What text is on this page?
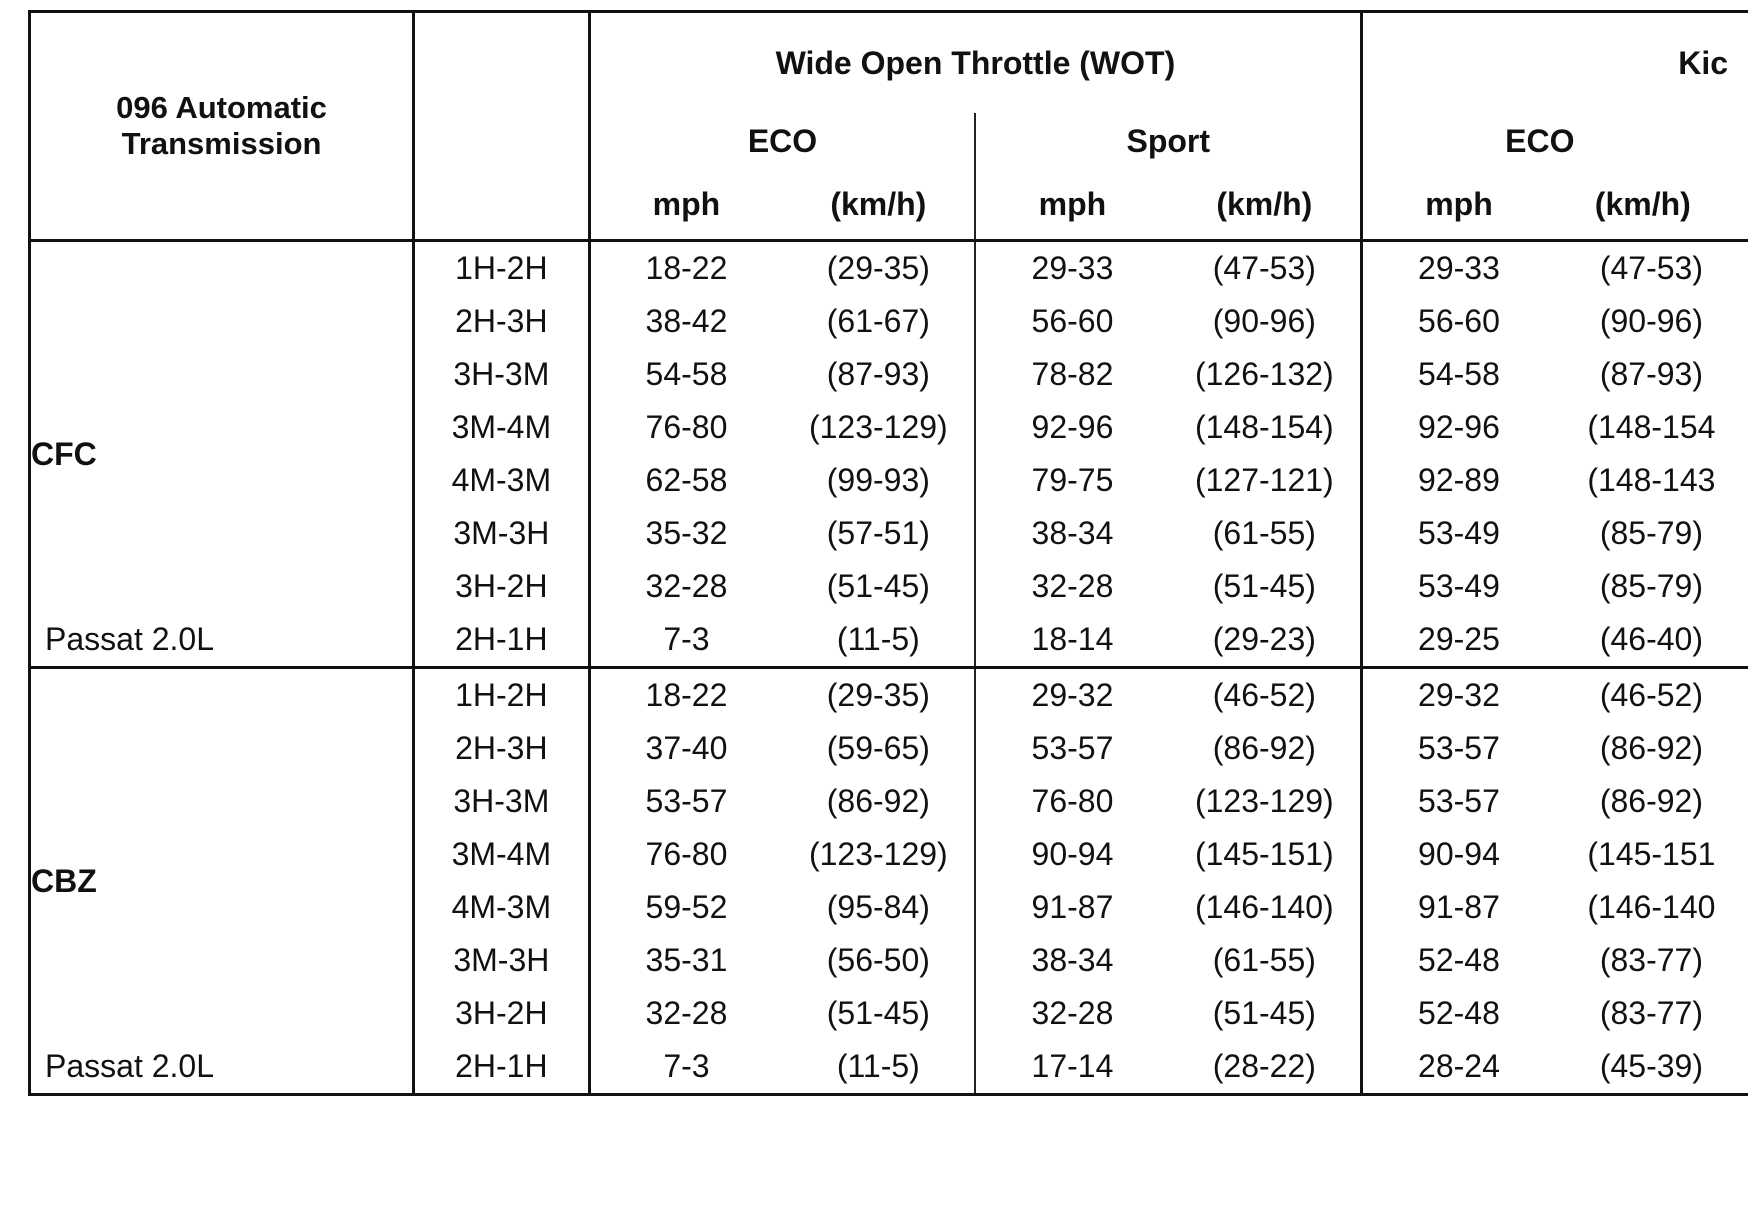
096 Automatic
Transmission		Wide Open Throttle (WOT)				Kic	
		ECO		Sport		ECO	
		mph	(km/h)	mph	(km/h)	mph	(km/h)

CFC
Passat 2.0L	1H-2H	18-22	(29-35)	29-33	(47-53)	29-33	(47-53)
	2H-3H	38-42	(61-67)	56-60	(90-96)	56-60	(90-96)
	3H-3M	54-58	(87-93)	78-82	(126-132)	54-58	(87-93)
	3M-4M	76-80	(123-129)	92-96	(148-154)	92-96	(148-154
	4M-3M	62-58	(99-93)	79-75	(127-121)	92-89	(148-143
	3M-3H	35-32	(57-51)	38-34	(61-55)	53-49	(85-79)
	3H-2H	32-28	(51-45)	32-28	(51-45)	53-49	(85-79)
	2H-1H	7-3	(11-5)	18-14	(29-23)	29-25	(46-40)

CBZ
Passat 2.0L	1H-2H	18-22	(29-35)	29-32	(46-52)	29-32	(46-52)
	2H-3H	37-40	(59-65)	53-57	(86-92)	53-57	(86-92)
	3H-3M	53-57	(86-92)	76-80	(123-129)	53-57	(86-92)
	3M-4M	76-80	(123-129)	90-94	(145-151)	90-94	(145-151
	4M-3M	59-52	(95-84)	91-87	(146-140)	91-87	(146-140
	3M-3H	35-31	(56-50)	38-34	(61-55)	52-48	(83-77)
	3H-2H	32-28	(51-45)	32-28	(51-45)	52-48	(83-77)
	2H-1H	7-3	(11-5)	17-14	(28-22)	28-24	(45-39)
